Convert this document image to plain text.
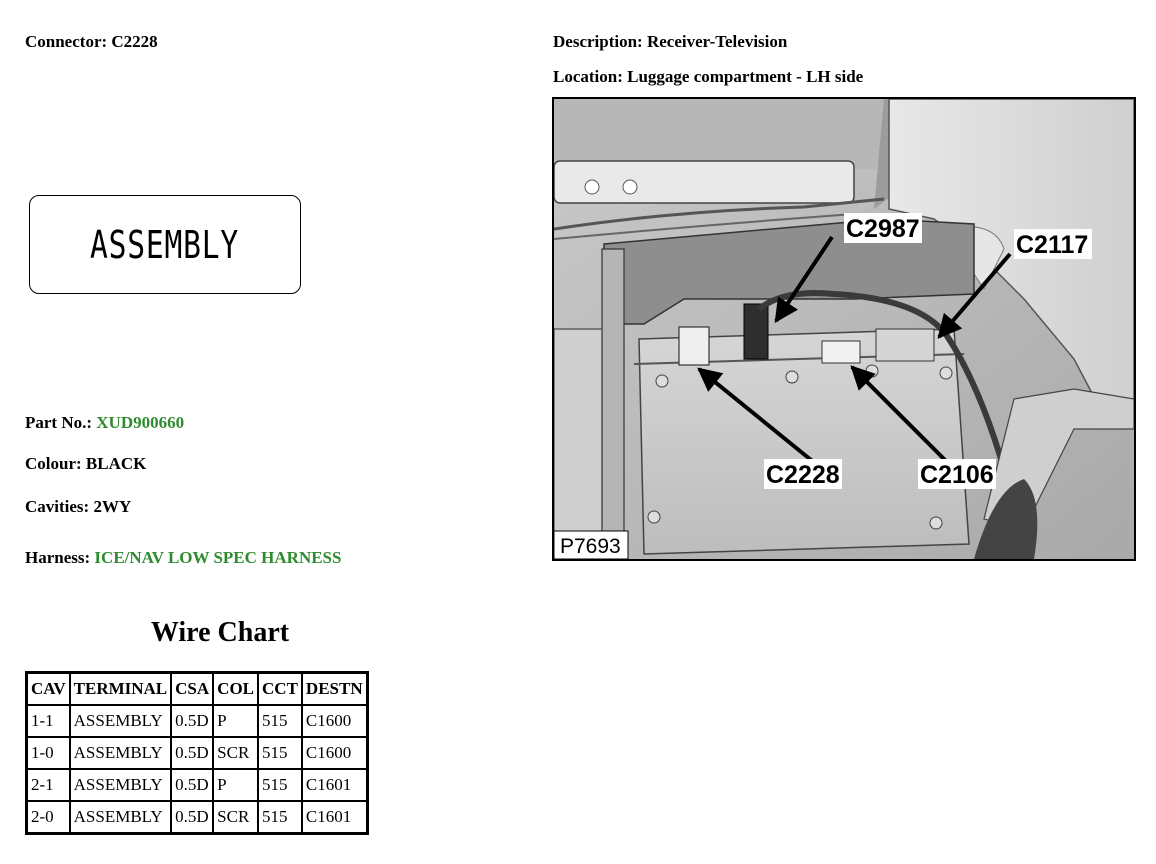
Connector: C2228	Description: Receiver-Television
Location: Luggage compartment - LH side
ASSEMBLY
Part No.: XUD900660
Colour: BLACK
Cavities: 2WY
Harness: ICE/NAV LOW SPEC HARNESS
Wire Chart
CAV	TERMINAL	CSA	COL	CCT	DESTN
1-1	ASSEMBLY	0.5D	P	515	C1600
1-0	ASSEMBLY	0.5D	SCR	515	C1600
2-1	ASSEMBLY	0.5D	P	515	C1601
2-0	ASSEMBLY	0.5D	SCR	515	C1601
C2987
C2117
C2228	C2106
P7693
